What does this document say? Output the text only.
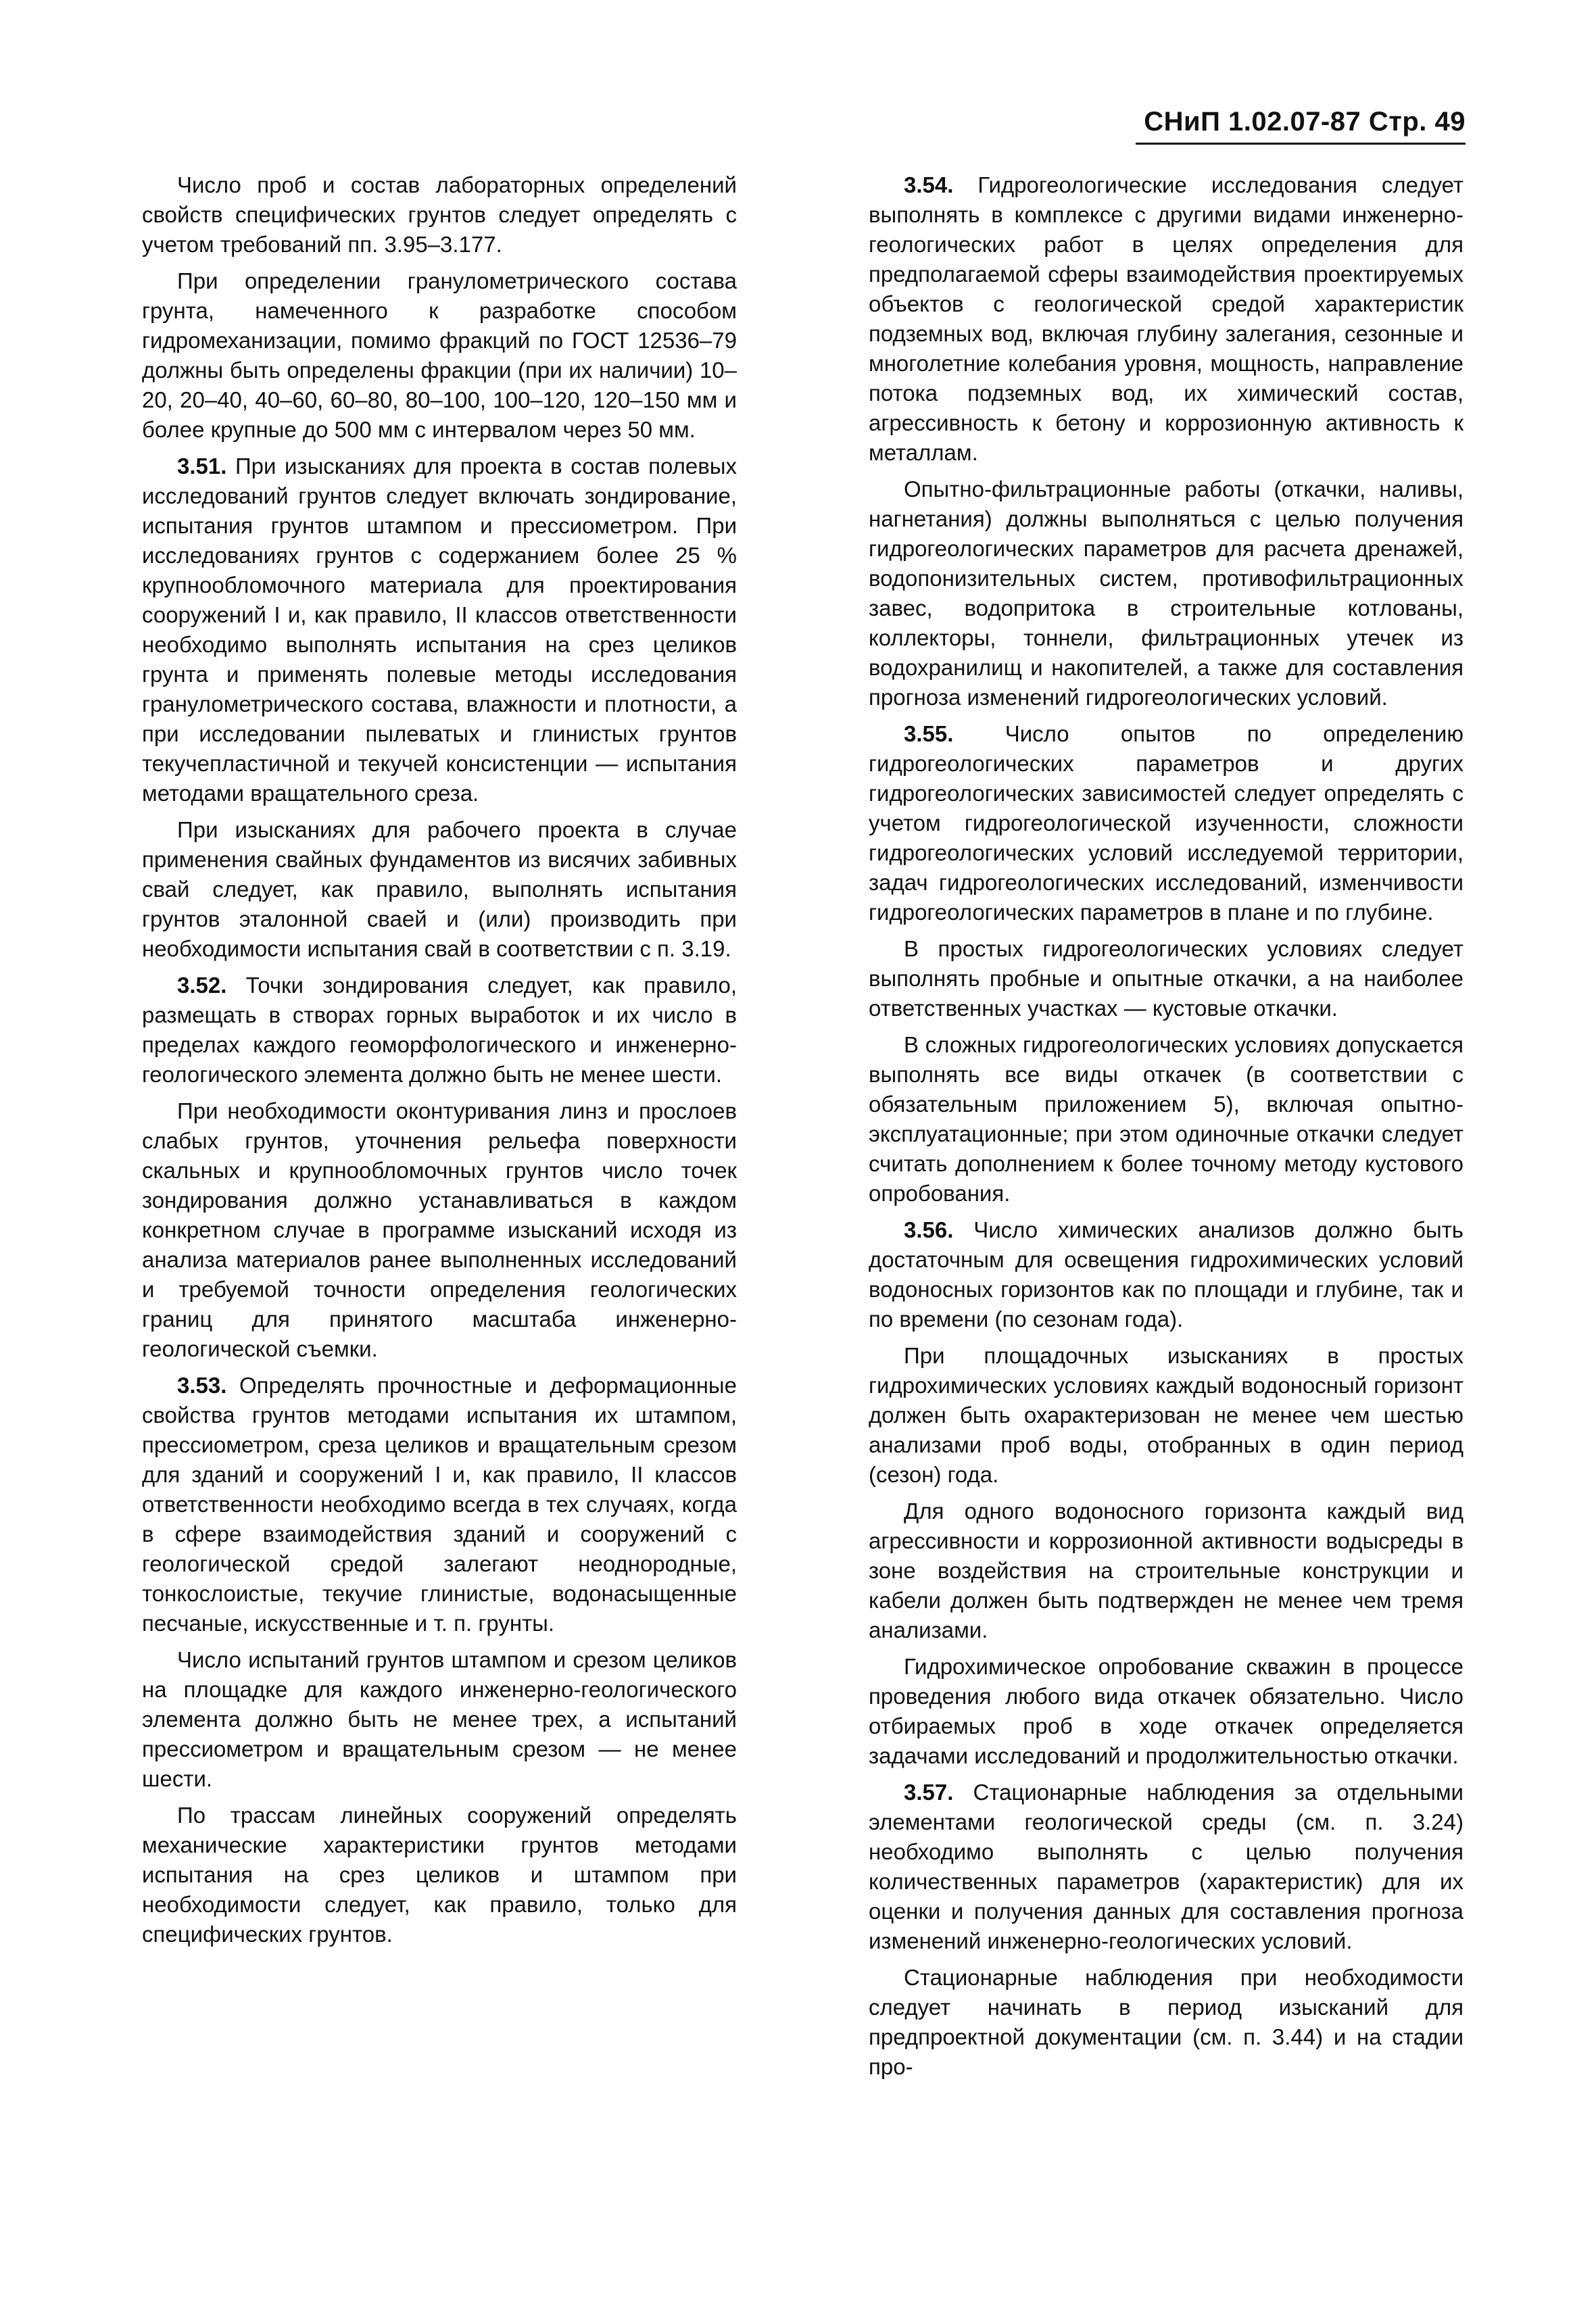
СНиП 1.02.07-87 Стр. 49

Число проб и состав лабораторных определений свойств специфических грунтов следует определять с учетом требований пп. 3.95–3.177.

При определении гранулометрического состава грунта, намеченного к разработке способом гидромеханизации, помимо фракций по ГОСТ 12536–79 должны быть определены фракции (при их наличии) 10–20, 20–40, 40–60, 60–80, 80–100, 100–120, 120–150 мм и более крупные до 500 мм с интервалом через 50 мм.

3.51. При изысканиях для проекта в состав полевых исследований грунтов следует включать зондирование, испытания грунтов штампом и прессиометром. При исследованиях грунтов с содержанием более 25 % крупнообломочного материала для проектирования сооружений I и, как правило, II классов ответственности необходимо выполнять испытания на срез целиков грунта и применять полевые методы исследования гранулометрического состава, влажности и плотности, а при исследовании пылеватых и глинистых грунтов текучепластичной и текучей консистенции — испытания методами вращательного среза.

При изысканиях для рабочего проекта в случае применения свайных фундаментов из висячих забивных свай следует, как правило, выполнять испытания грунтов эталонной сваей и (или) производить при необходимости испытания свай в соответствии с п. 3.19.

3.52. Точки зондирования следует, как правило, размещать в створах горных выработок и их число в пределах каждого геоморфологического и инженерно-геологического элемента должно быть не менее шести.

При необходимости оконтуривания линз и прослоев слабых грунтов, уточнения рельефа поверхности скальных и крупнообломочных грунтов число точек зондирования должно устанавливаться в каждом конкретном случае в программе изысканий исходя из анализа материалов ранее выполненных исследований и требуемой точности определения геологических границ для принятого масштаба инженерно-геологической съемки.

3.53. Определять прочностные и деформационные свойства грунтов методами испытания их штампом, прессиометром, среза целиков и вращательным срезом для зданий и сооружений I и, как правило, II классов ответственности необходимо всегда в тех случаях, когда в сфере взаимодействия зданий и сооружений с геологической средой залегают неоднородные, тонкослоистые, текучие глинистые, водонасыщенные песчаные, искусственные и т. п. грунты.

Число испытаний грунтов штампом и срезом целиков на площадке для каждого инженерно-геологического элемента должно быть не менее трех, а испытаний прессиометром и вращательным срезом — не менее шести.

По трассам линейных сооружений определять механические характеристики грунтов методами испытания на срез целиков и штампом при необходимости следует, как правило, только для специфических грунтов.

3.54. Гидрогеологические исследования следует выполнять в комплексе с другими видами инженерно-геологических работ в целях определения для предполагаемой сферы взаимодействия проектируемых объектов с геологической средой характеристик подземных вод, включая глубину залегания, сезонные и многолетние колебания уровня, мощность, направление потока подземных вод, их химический состав, агрессивность к бетону и коррозионную активность к металлам.

Опытно-фильтрационные работы (откачки, наливы, нагнетания) должны выполняться с целью получения гидрогеологических параметров для расчета дренажей, водопонизительных систем, противофильтрационных завес, водопритока в строительные котлованы, коллекторы, тоннели, фильтрационных утечек из водохранилищ и накопителей, а также для составления прогноза изменений гидрогеологических условий.

3.55. Число опытов по определению гидрогеологических параметров и других гидрогеологических зависимостей следует определять с учетом гидрогеологической изученности, сложности гидрогеологических условий исследуемой территории, задач гидрогеологических исследований, изменчивости гидрогеологических параметров в плане и по глубине.

В простых гидрогеологических условиях следует выполнять пробные и опытные откачки, а на наиболее ответственных участках — кустовые откачки.

В сложных гидрогеологических условиях допускается выполнять все виды откачек (в соответствии с обязательным приложением 5), включая опытно-эксплуатационные; при этом одиночные откачки следует считать дополнением к более точному методу кустового опробования.

3.56. Число химических анализов должно быть достаточным для освещения гидрохимических условий водоносных горизонтов как по площади и глубине, так и по времени (по сезонам года).

При площадочных изысканиях в простых гидрохимических условиях каждый водоносный горизонт должен быть охарактеризован не менее чем шестью анализами проб воды, отобранных в один период (сезон) года.

Для одного водоносного горизонта каждый вид агрессивности и коррозионной активности водысреды в зоне воздействия на строительные конструкции и кабели должен быть подтвержден не менее чем тремя анализами.

Гидрохимическое опробование скважин в процессе проведения любого вида откачек обязательно. Число отбираемых проб в ходе откачек определяется задачами исследований и продолжительностью откачки.

3.57. Стационарные наблюдения за отдельными элементами геологической среды (см. п. 3.24) необходимо выполнять с целью получения количественных параметров (характеристик) для их оценки и получения данных для составления прогноза изменений инженерно-геологических условий.

Стационарные наблюдения при необходимости следует начинать в период изысканий для предпроектной документации (см. п. 3.44) и на стадии про-
